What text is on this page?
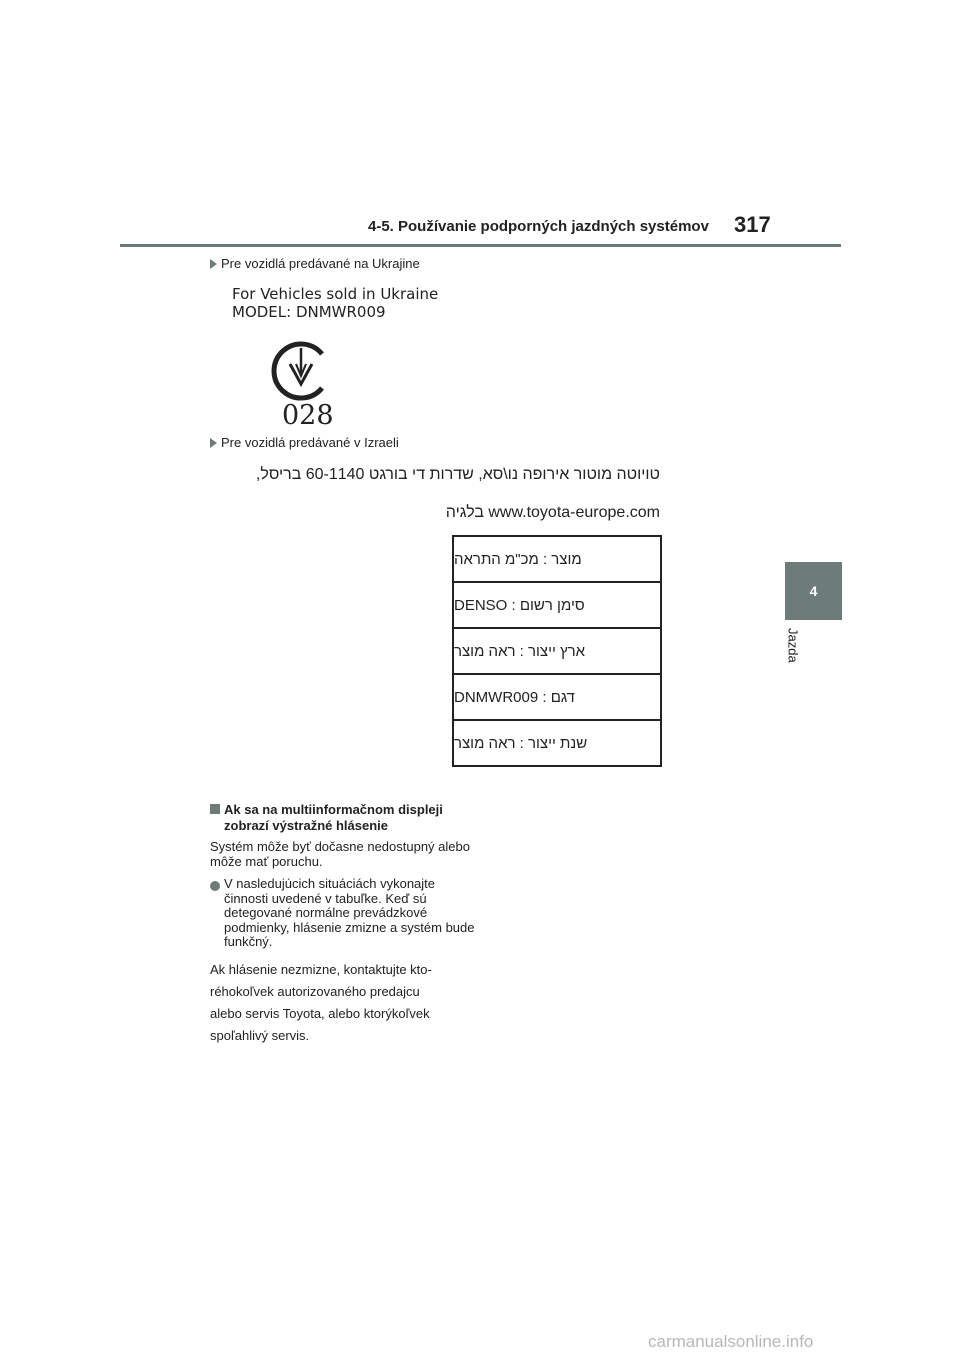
4-5. Používanie podporných jazdných systémov 317
4
Jazda
Pre vozidlá predávané na Ukrajine
For Vehicles sold in Ukraine
MODEL: DNMWR009
028
Pre vozidlá predávané v Izraeli
טויוטה מוטור אירופה נו\סא, שדרות די בורגט 60-1140 בריסל,
www.toyota-europe.com בלגיה
מוצר : מכ"מ התראה
סימן רשום : DENSO
ארץ ייצור : ראה מוצר
דגם : DNMWR009
שנת ייצור : ראה מוצר
Ak sa na multiinformačnom displeji zobrazí výstražné hlásenie
Systém môže byť dočasne nedostupný alebo môže mať poruchu.
V nasledujúcich situáciách vykonajte činnosti uvedené v tabuľke. Keď sú detegované normálne prevádzkové podmienky, hlásenie zmizne a systém bude funkčný.
Ak hlásenie nezmizne, kontaktujte kto-
réhokoľvek autorizovaného predajcu
alebo servis Toyota, alebo ktorýkoľvek
spoľahlivý servis.
carmanualsonline.info
